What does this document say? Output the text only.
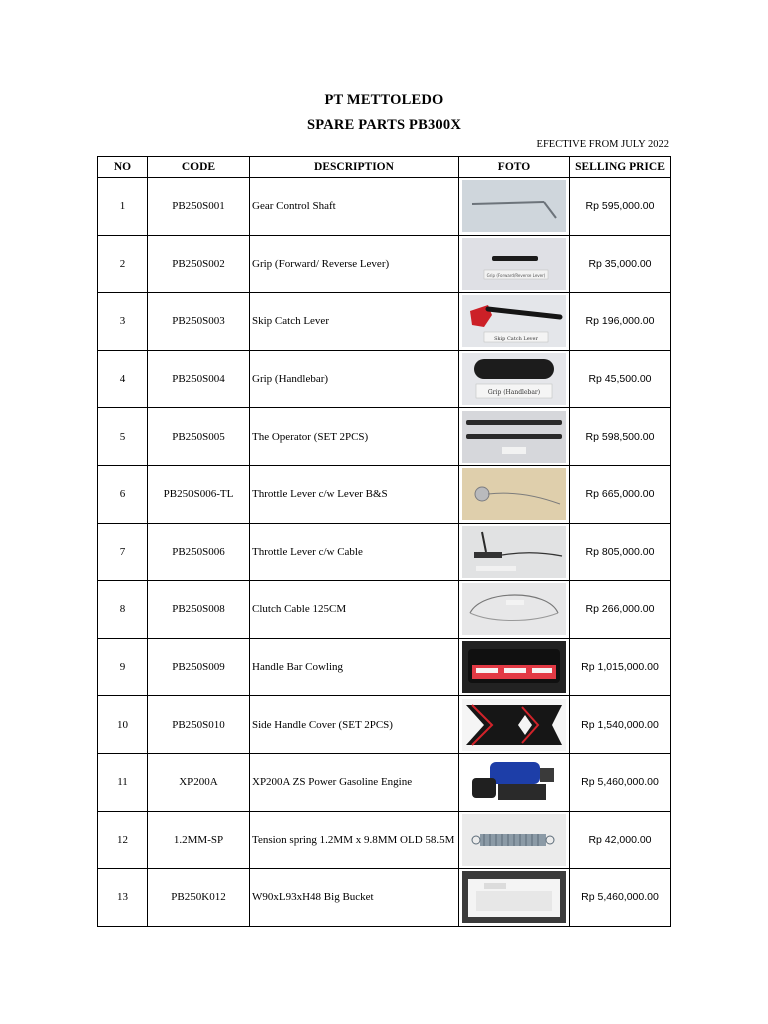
PT METTOLEDO
SPARE PARTS PB300X
EFECTIVE FROM JULY 2022
NO	CODE	DESCRIPTION	FOTO	SELLING PRICE
1	PB250S001	Gear Control Shaft		Rp 595,000.00
2	PB250S002	Grip (Forward/ Reverse Lever)	Grip (Forward/Reverse Lever)	Rp 35,000.00
3	PB250S003	Skip Catch Lever	Skip Catch Lever	Rp 196,000.00
4	PB250S004	Grip (Handlebar)	Grip (Handlebar)	Rp 45,500.00
5	PB250S005	The Operator (SET 2PCS)		Rp 598,500.00
6	PB250S006-TL	Throttle Lever c/w Lever B&S		Rp 665,000.00
7	PB250S006	Throttle Lever c/w Cable		Rp 805,000.00
8	PB250S008	Clutch Cable 125CM		Rp 266,000.00
9	PB250S009	Handle Bar Cowling		Rp 1,015,000.00
10	PB250S010	Side Handle Cover (SET 2PCS)		Rp 1,540,000.00
11	XP200A	XP200A ZS Power Gasoline Engine		Rp 5,460,000.00
12	1.2MM-SP	Tension spring 1.2MM x 9.8MM OLD 58.5M		Rp 42,000.00
13	PB250K012	W90xL93xH48 Big Bucket		Rp 5,460,000.00
